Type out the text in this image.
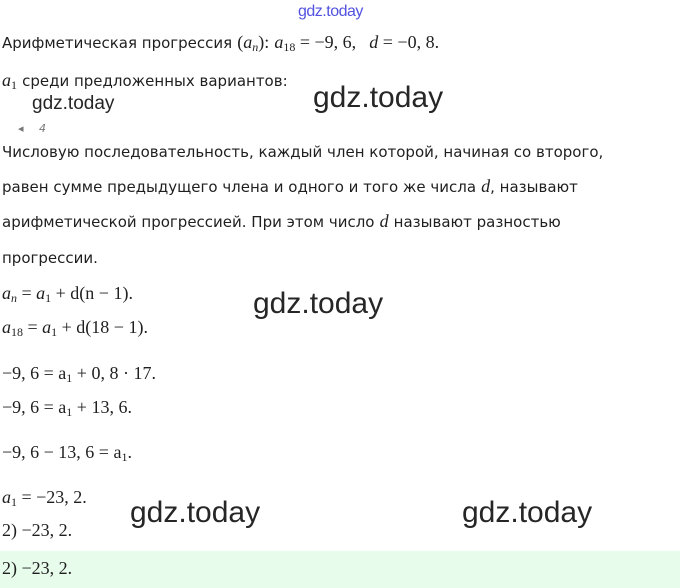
gdz.today
Арифметическая прогрессия $(a_n)$: $a_{18} = -9$, 6, d = −0, 8.
$a_1$ среди предложенных вариантов:
gdz.today	gdz.today
◂ 4
Числовую последовательность, каждый член которой, начиная со второго,
равен сумме предыдущего члена и одного и того же числа d, называют
арифметической прогрессией. При этом число d называют разностью
прогрессии.
$a_n = a_1 + d(n - 1)$.	gdz.today
$a_{18} = a_1 + d(18 - 1)$.
−9, $6 = a_1 + 0$, 8 · 17.
−9, $6 = a_1 + 13$, 6.
−9, 6 − 13, $6 = a_1$.
$a_1 = -23$, 2.
2) −23, 2.
gdz.today	gdz.today
2) −23, 2.
